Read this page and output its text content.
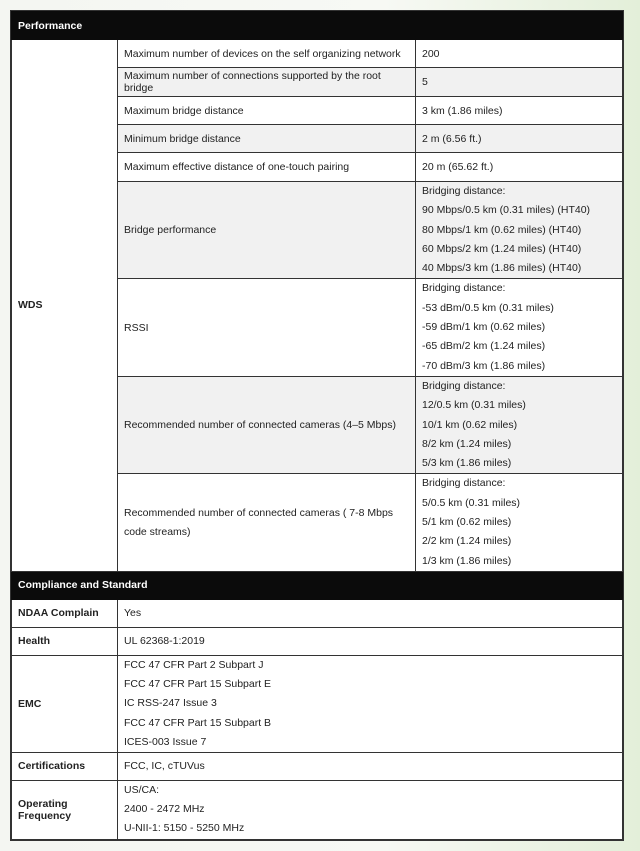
Performance		
WDS	Maximum number of devices on the self organizing network	200

	Maximum number of connections supported by the root bridge	5

	Maximum bridge distance	3 km (1.86 miles)

	Minimum bridge distance	2 m (6.56 ft.)

	Maximum effective distance of one-touch pairing	20 m (65.62 ft.)

	Bridge performance	Bridging distance:
90 Mbps/0.5 km (0.31 miles) (HT40)
80 Mbps/1 km (0.62 miles) (HT40)
60 Mbps/2 km (1.24 miles) (HT40)
40 Mbps/3 km (1.86 miles) (HT40)

	RSSI	Bridging distance:
-53 dBm/0.5 km (0.31 miles)
-59 dBm/1 km (0.62 miles)
-65 dBm/2 km (1.24 miles)
-70 dBm/3 km (1.86 miles)

	Recommended number of connected cameras (4–5 Mbps)	Bridging distance:
12/0.5 km (0.31 miles)
10/1 km (0.62 miles)
8/2 km (1.24 miles)
5/3 km (1.86 miles)

	Recommended number of connected cameras ( 7-8 Mbps code streams)	Bridging distance:
5/0.5 km (0.31 miles)
5/1 km (0.62 miles)
2/2 km (1.24 miles)
1/3 km (1.86 miles)

Compliance and Standard		
NDAA Complain	Yes	

Health	UL 62368-1:2019	

EMC	FCC 47 CFR Part 2 Subpart J
FCC 47 CFR Part 15 Subpart E
IC RSS-247 Issue 3
FCC 47 CFR Part 15 Subpart B
ICES-003 Issue 7	

Certifications	FCC, IC, cTUVus	

Operating Frequency	US/CA:
2400 - 2472 MHz
U-NII-1: 5150 - 5250 MHz	
